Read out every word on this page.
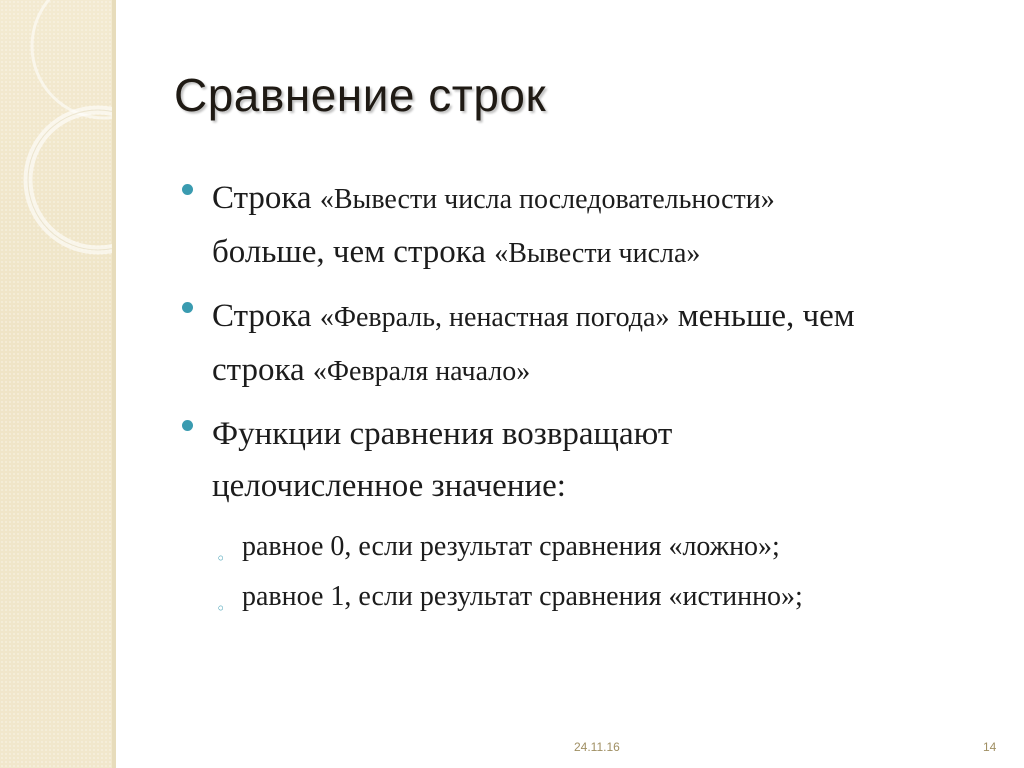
Сравнение строк
Строка «Вывести числа последовательности»
больше, чем строка «Вывести числа»
Строка «Февраль, ненастная погода» меньше, чем
строка «Февраля начало»
Функции сравнения возвращают
целочисленное значение:
◦ равное 0, если результат сравнения «ложно»;
◦ равное 1, если результат сравнения «истинно»;
24.11.16	14
